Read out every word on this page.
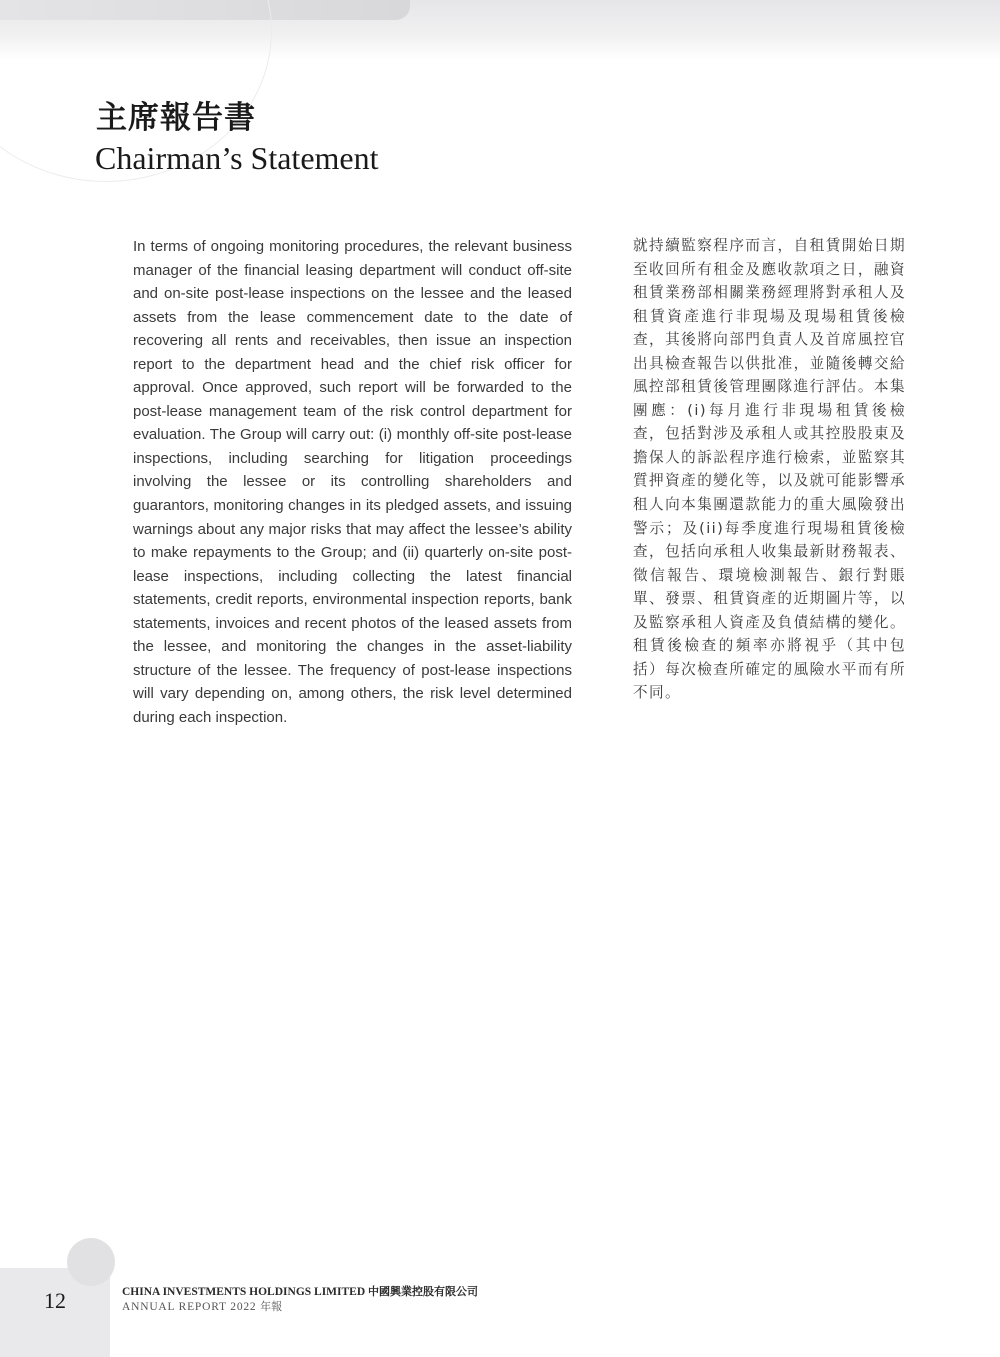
主席報告書
Chairman’s Statement

In terms of ongoing monitoring procedures, the relevant business manager of the financial leasing department will conduct off-site and on-site post-lease inspections on the lessee and the leased assets from the lease commencement date to the date of recovering all rents and receivables, then issue an inspection report to the department head and the chief risk officer for approval. Once approved, such report will be forwarded to the post-lease management team of the risk control department for evaluation. The Group will carry out: (i) monthly off-site post-lease inspections, including searching for litigation proceedings involving the lessee or its controlling shareholders and guarantors, monitoring changes in its pledged assets, and issuing warnings about any major risks that may affect the lessee’s ability to make repayments to the Group; and (ii) quarterly on-site post-lease inspections, including collecting the latest financial statements, credit reports, environmental inspection reports, bank statements, invoices and recent photos of the leased assets from the lessee, and monitoring the changes in the asset-liability structure of the lessee. The frequency of post-lease inspections will vary depending on, among others, the risk level determined during each inspection.

就持續監察程序而言，自租賃開始日期至收回所有租金及應收款項之日，融資租賃業務部相關業務經理將對承租人及租賃資產進行非現場及現場租賃後檢查，其後將向部門負責人及首席風控官出具檢查報告以供批准，並隨後轉交給風控部租賃後管理團隊進行評估。本集團應：(i)每月進行非現場租賃後檢查，包括對涉及承租人或其控股股東及擔保人的訴訟程序進行檢索，並監察其質押資產的變化等，以及就可能影響承租人向本集團還款能力的重大風險發出警示；及(ii)每季度進行現場租賃後檢查，包括向承租人收集最新財務報表、徵信報告、環境檢測報告、銀行對賬單、發票、租賃資產的近期圖片等，以及監察承租人資產及負債結構的變化。租賃後檢查的頻率亦將視乎（其中包括）每次檢查所確定的風險水平而有所不同。

12	CHINA INVESTMENTS HOLDINGS LIMITED 中國興業控股有限公司

ANNUAL REPORT 2022 年報
